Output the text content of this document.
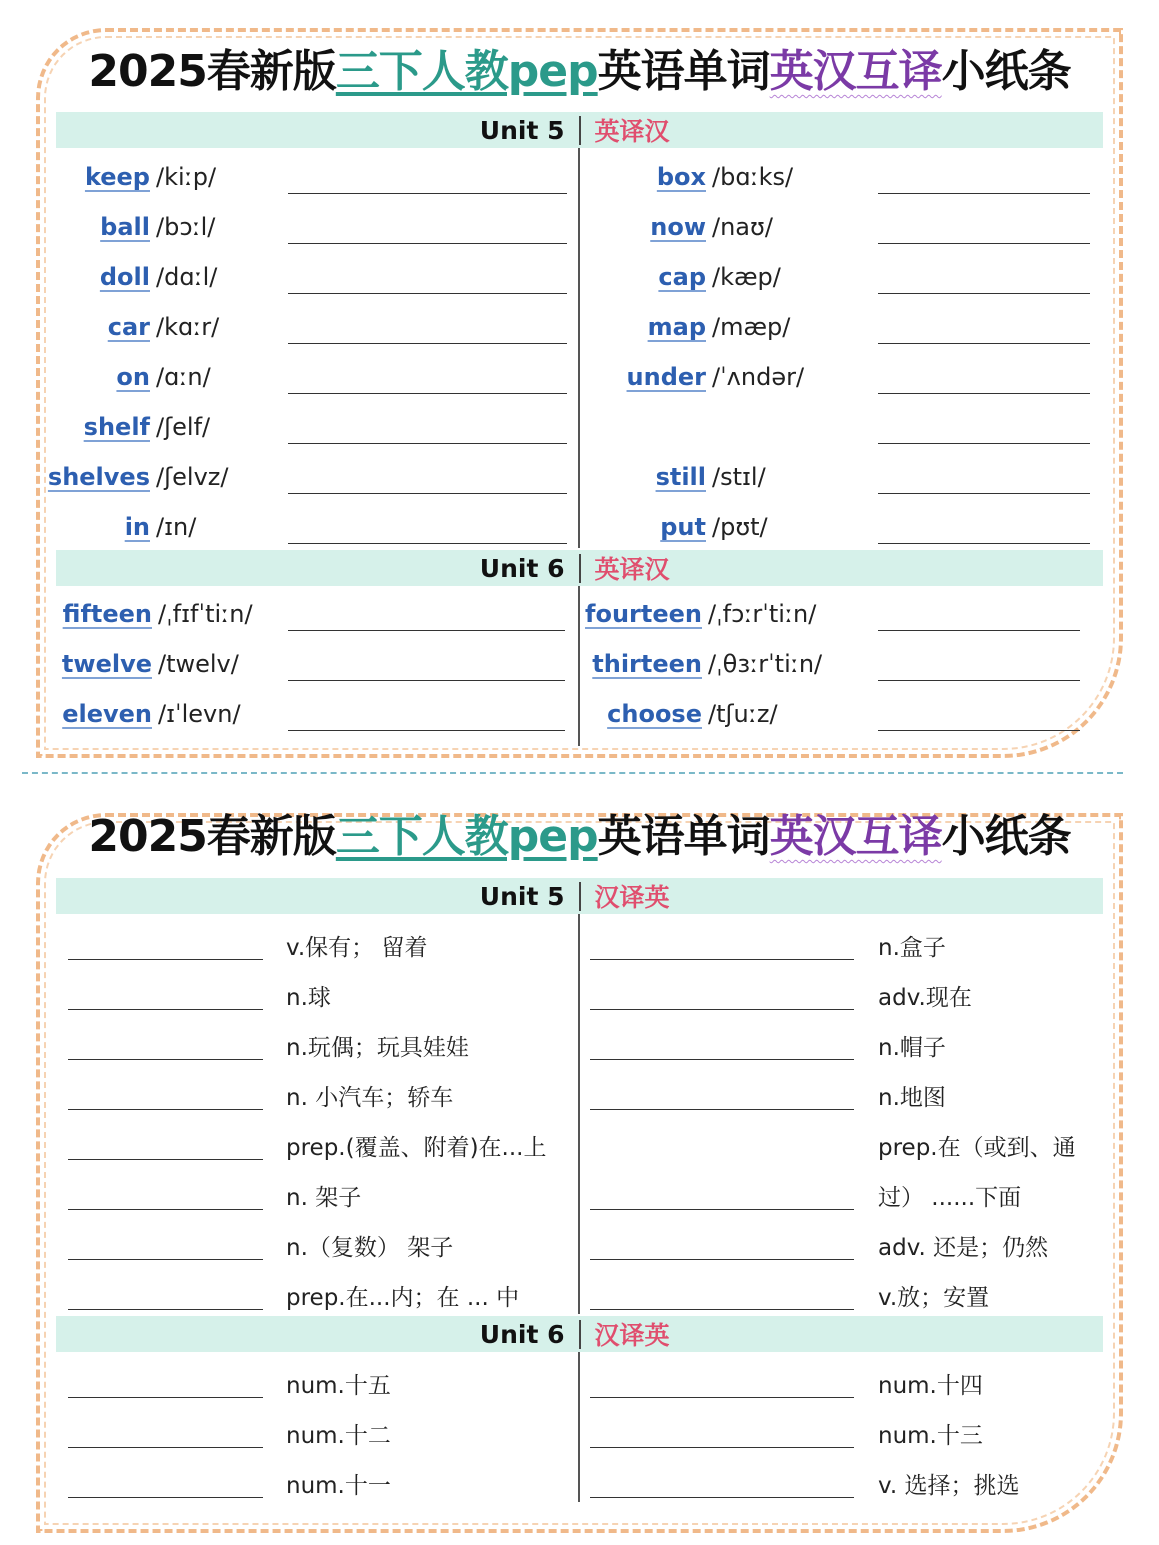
2025春新版三下人教pep英语单词英汉互译小纸条
Unit 5	英译汉
keep /kiːp/
ball /bɔːl/
doll /dɑːl/
car /kɑːr/
on /ɑːn/
shelf /ʃelf/
shelves /ʃelvz/
in /ɪn/
box /bɑːks/
now /naʊ/
cap /kæp/
map /mæp/
under /ˈʌndər/
still /stɪl/
put /pʊt/
Unit 6	英译汉
fifteen /ˌfɪfˈtiːn/
twelve /twelv/
eleven /ɪˈlevn/
fourteen /ˌfɔːrˈtiːn/
thirteen /ˌθɜːrˈtiːn/
choose /tʃuːz/
2025春新版三下人教pep英语单词英汉互译小纸条
Unit 5	汉译英
v.保有； 留着
n.球
n.玩偶；玩具娃娃
n. 小汽车；轿车
prep.(覆盖、附着)在...上
n. 架子
n.（复数） 架子
prep.在...内；在 ... 中
n.盒子
adv.现在
n.帽子
n.地图
prep.在（或到、通
过） ......下面
adv. 还是；仍然
v.放；安置
Unit 6	汉译英
num.十五
num.十二
num.十一
num.十四
num.十三
v. 选择；挑选
